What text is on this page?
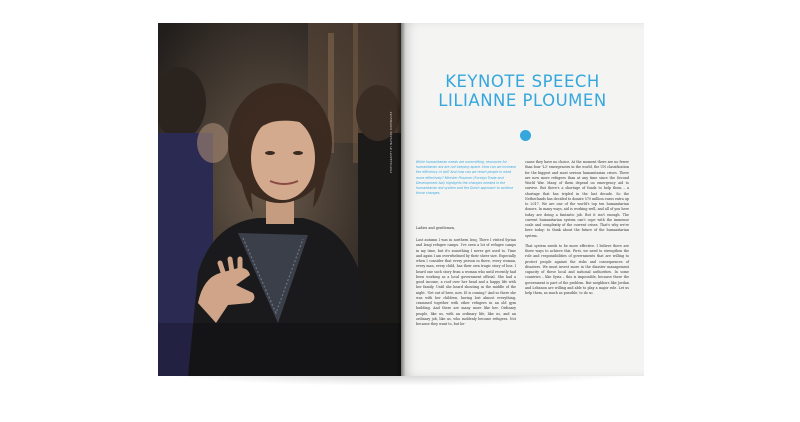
PHOTOGRAPHY BY NATASHA DOMINGUEZ
KEYNOTE SPEECH
LILIANNE PLOUMEN
While humanitarian needs are unremitting, resources for humanitarian aid are not keeping apace. How can we increase the efficiency of aid? And how can we reach people in need more effectively? Minister Ploumen (Foreign Trade and Development Aid) highlights the changes needed in the humanitarian aid system and the Dutch approach to achieve those changes.
Ladies and gentlemen,

Last autumn I was in northern Iraq. There I visited Syrian and Iraqi refugee camps. I've seen a lot of refugee camps in my time, but it's something I never get used to. Time and again I am overwhelmed by their sheer size. Especially when I consider that every person in there, every woman, every man, every child, has their own tragic story of loss. I heard one such story from a woman who until recently had been working as a local government official. She had a good income, a roof over her head and a happy life with her family. Until she heard shouting in the middle of the night. 'Get out of here, now. IS is coming!' And so there she was with her children, having lost almost everything, crammed together with other refugees in an old gym building. And there are many more like her. Ordinary people, like us, with an ordinary life, like us, and an ordinary job, like us, who suddenly become refugees. Not because they want to, but be-

cause they have no choice. At the moment there are no fewer than four 'L3' emergencies in the world, the UN classification for the biggest and most serious humanitarian crises. There are now more refugees than at any time since the Second World War. Many of them depend on emergency aid to survive. But there's a shortage of funds to help them – a shortage that has tripled in the last decade. So the Netherlands has decided to donate 570 million euros extra up to 2017. We are one of the world's top ten humanitarian donors. In many ways, aid is working well, and all of you here today are doing a fantastic job. But it isn't enough. The current humanitarian system can't cope with the immense scale and complexity of the current crises. That's why we're here today: to think about the future of the humanitarian system.

That system needs to be more effective. I believe there are three ways to achieve this. First, we need to strengthen the role and responsibilities of governments that are willing to protect people against the risks and consequences of disasters. We must invest more in the disaster management capacity of these local and national authorities. In some countries – like Syria – this is impossible, because there the government is part of the problem. But neighbors like Jordan and Lebanon are willing and able to play a major role. Let us help them, as much as possible, to do so.
